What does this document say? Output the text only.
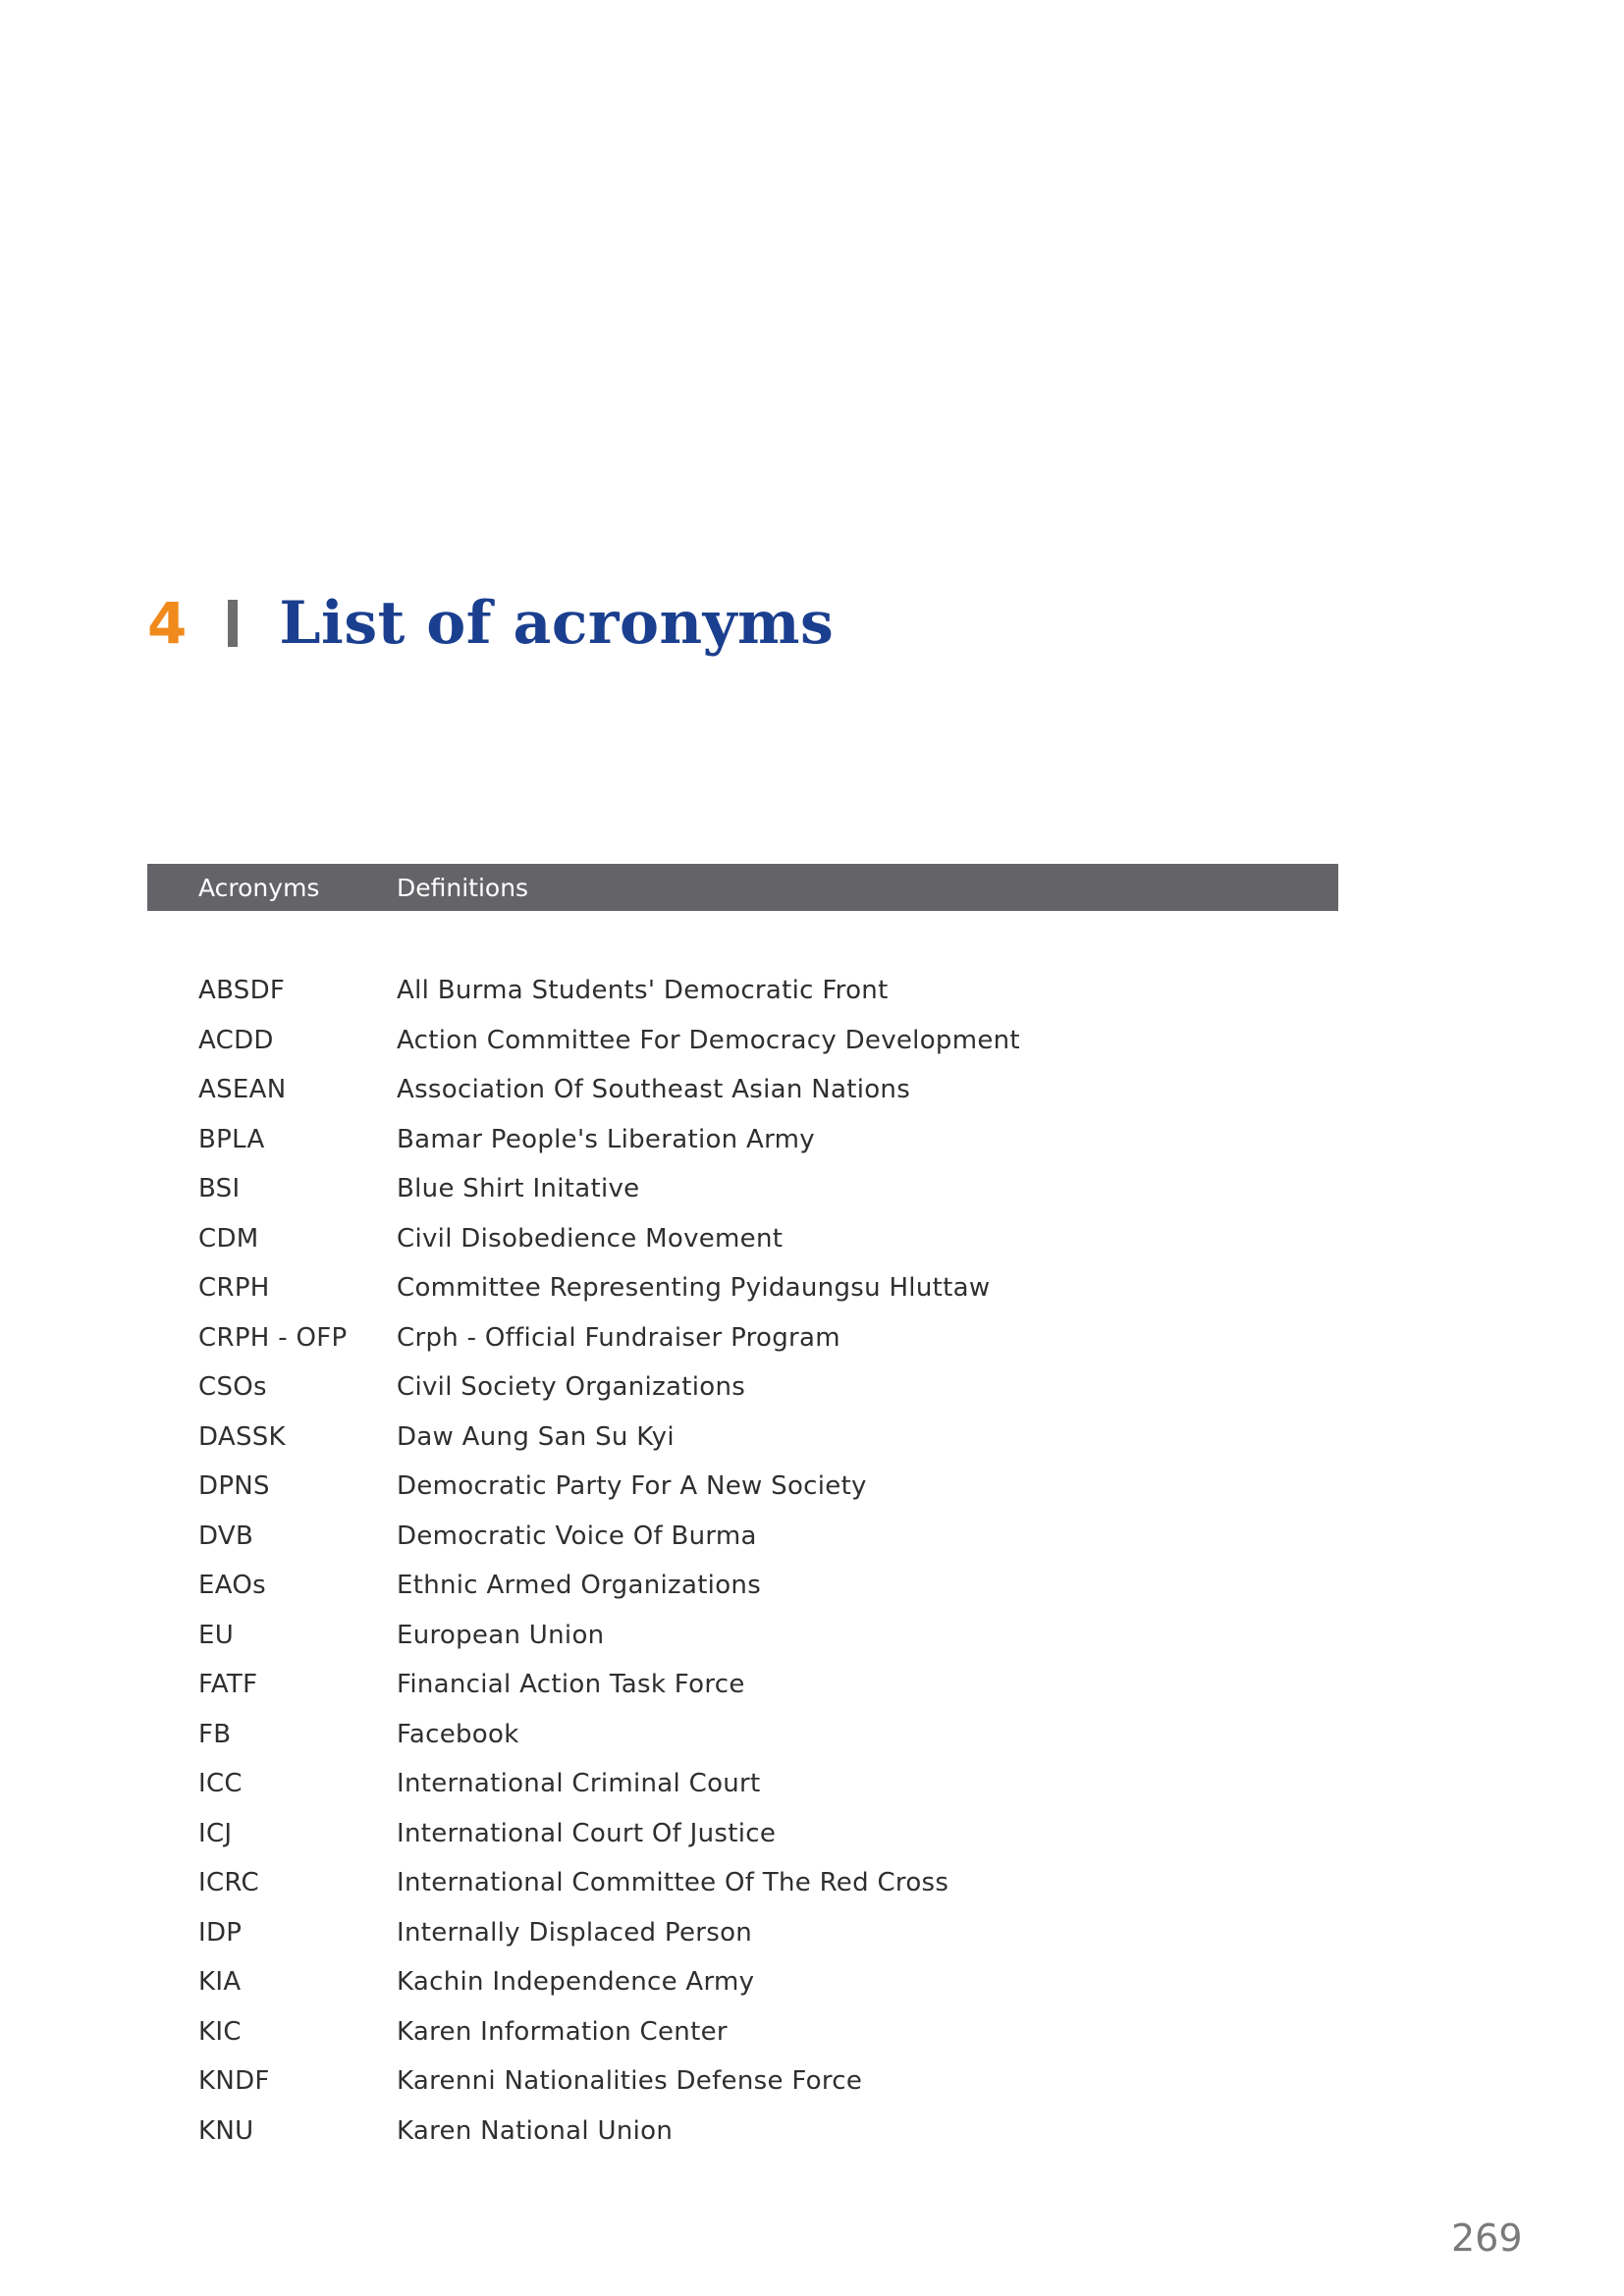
4 List of acronyms
Acronyms	Definitions
ABSDF	All Burma Students' Democratic Front
ACDD	Action Committee For Democracy Development
ASEAN	Association Of Southeast Asian Nations
BPLA	Bamar People's Liberation Army
BSI	Blue Shirt Initative
CDM	Civil Disobedience Movement
CRPH	Committee Representing Pyidaungsu Hluttaw
CRPH - OFP	Crph - Official Fundraiser Program
CSOs	Civil Society Organizations
DASSK	Daw Aung San Su Kyi
DPNS	Democratic Party For A New Society
DVB	Democratic Voice Of Burma
EAOs	Ethnic Armed Organizations
EU	European Union
FATF	Financial Action Task Force
FB	Facebook
ICC	International Criminal Court
ICJ	International Court Of Justice
ICRC	International Committee Of The Red Cross
IDP	Internally Displaced Person
KIA	Kachin Independence Army
KIC	Karen Information Center
KNDF	Karenni Nationalities Defense Force
KNU	Karen National Union
269
